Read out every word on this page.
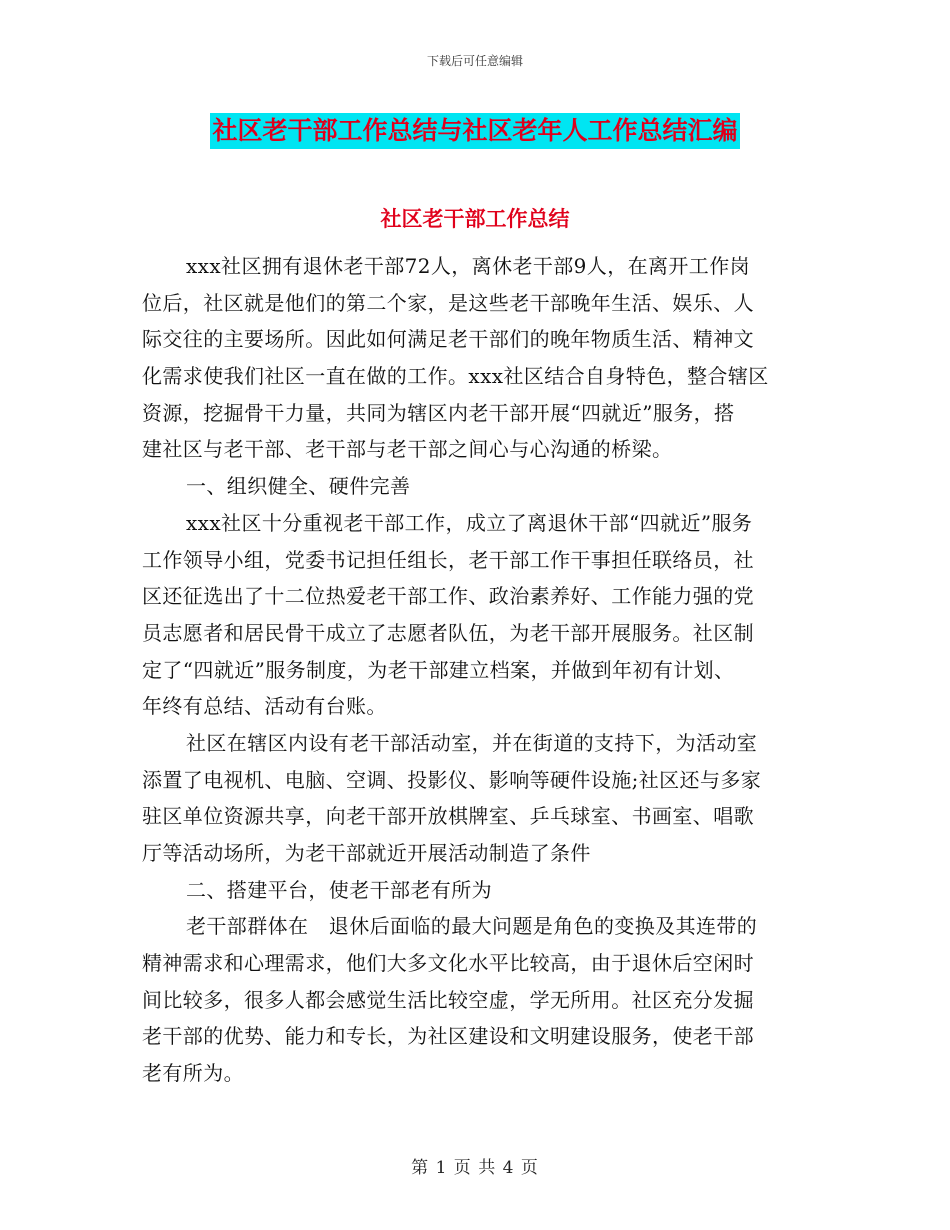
下载后可任意编辑
社区老干部工作总结与社区老年人工作总结汇编
社区老干部工作总结
xxx社区拥有退休老干部72人，离休老干部9人，在离开工作岗
位后，社区就是他们的第二个家，是这些老干部晚年生活、娱乐、人
际交往的主要场所。因此如何满足老干部们的晚年物质生活、精神文
化需求使我们社区一直在做的工作。xxx社区结合自身特色，整合辖区
资源，挖掘骨干力量，共同为辖区内老干部开展“四就近”服务，搭
建社区与老干部、老干部与老干部之间心与心沟通的桥梁。
一、组织健全、硬件完善
xxx社区十分重视老干部工作，成立了离退休干部“四就近”服务
工作领导小组，党委书记担任组长，老干部工作干事担任联络员，社
区还征选出了十二位热爱老干部工作、政治素养好、工作能力强的党
员志愿者和居民骨干成立了志愿者队伍，为老干部开展服务。社区制
定了“四就近”服务制度，为老干部建立档案，并做到年初有计划、
年终有总结、活动有台账。
社区在辖区内设有老干部活动室，并在街道的支持下，为活动室
添置了电视机、电脑、空调、投影仪、影响等硬件设施;社区还与多家
驻区单位资源共享，向老干部开放棋牌室、乒乓球室、书画室、唱歌
厅等活动场所，为老干部就近开展活动制造了条件
二、搭建平台，使老干部老有所为
老干部群体在　退休后面临的最大问题是角色的变换及其连带的
精神需求和心理需求，他们大多文化水平比较高，由于退休后空闲时
间比较多，很多人都会感觉生活比较空虚，学无所用。社区充分发掘
老干部的优势、能力和专长，为社区建设和文明建设服务，使老干部
老有所为。
第 1 页 共 4 页
